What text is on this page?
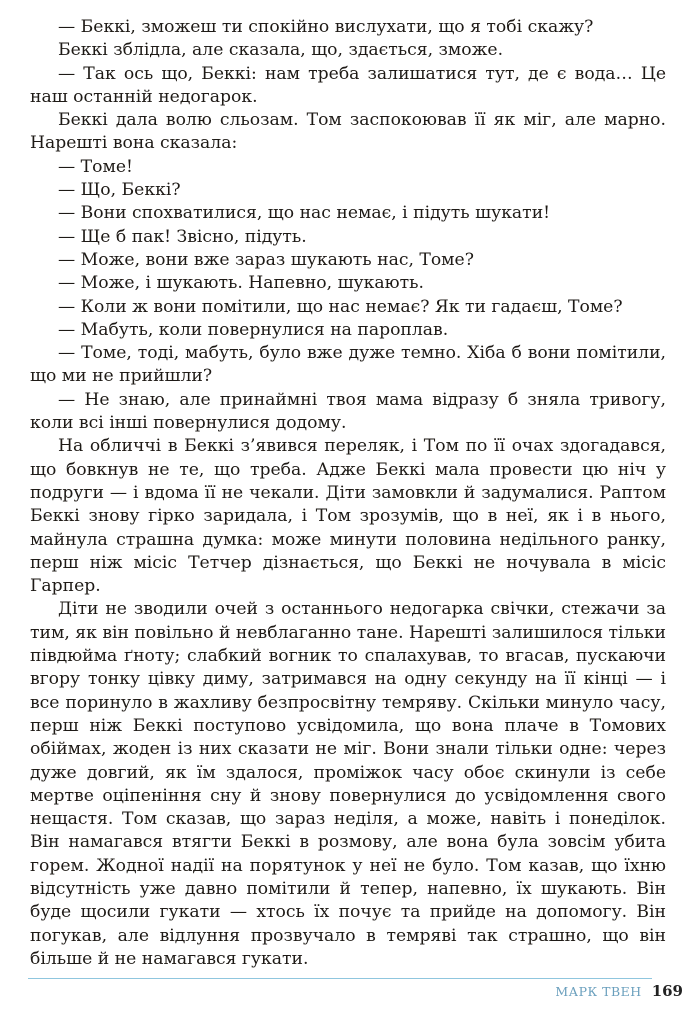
— Беккі, зможеш ти спокійно вислухати, що я тобі скажу?

Беккі зблідла, але сказала, що, здається, зможе.

— Так ось що, Беккі: нам треба залишатися тут, де є вода… Це наш останній недогарок.

Беккі дала волю сльозам. Том заспокоював її як міг, але марно. Нарешті вона сказала:

— Томе!

— Що, Беккі?

— Вони спохватилися, що нас немає, і підуть шукати!

— Ще б пак! Звісно, підуть.

— Може, вони вже зараз шукають нас, Томе?

— Може, і шукають. Напевно, шукають.

— Коли ж вони помітили, що нас немає? Як ти гадаєш, Томе?

— Мабуть, коли повернулися на пароплав.

— Томе, тоді, мабуть, було вже дуже темно. Хіба б вони помітили, що ми не прийшли?

— Не знаю, але принаймні твоя мама відразу б зняла тривогу, коли всі інші повернулися додому.

На обличчі в Беккі з’явився переляк, і Том по її очах здогадався, що бовкнув не те, що треба. Адже Беккі мала провести цю ніч у подруги — і вдома її не чекали. Діти замовкли й задумалися. Раптом Беккі знову гірко заридала, і Том зрозумів, що в неї, як і в нього, майнула страшна думка: може минути половина недільного ранку, перш ніж місіс Тетчер дізнається, що Беккі не ночувала в місіс Гарпер.

Діти не зводили очей з останнього недогарка свічки, стежачи за тим, як він повільно й невблаганно тане. Нарешті залишилося тільки півдюйма ґноту; слабкий вогник то спалахував, то вгасав, пускаючи вгору тонку цівку диму, затримався на одну секунду на її кінці — і все поринуло в жахливу безпросвітну темряву. Скільки минуло часу, перш ніж Беккі поступово усвідомила, що вона плаче в Томових обіймах, жоден із них сказати не міг. Вони знали тільки одне: через дуже довгий, як їм здалося, проміжок часу обоє скинули із себе мертве оціпеніння сну й знову повернулися до усвідомлення свого нещастя. Том сказав, що зараз неділя, а може, навіть і понеділок. Він намагався втягти Беккі в розмову, але вона була зовсім убита горем. Жодної надії на порятунок у неї не було. Том казав, що їхню відсутність уже давно помітили й тепер, напевно, їх шукають. Він буде щосили гукати — хтось їх почує та прийде на допомогу. Він погукав, але відлуння прозвучало в темряві так страшно, що він більше й не намагався гукати.

МАРК ТВЕН 169
